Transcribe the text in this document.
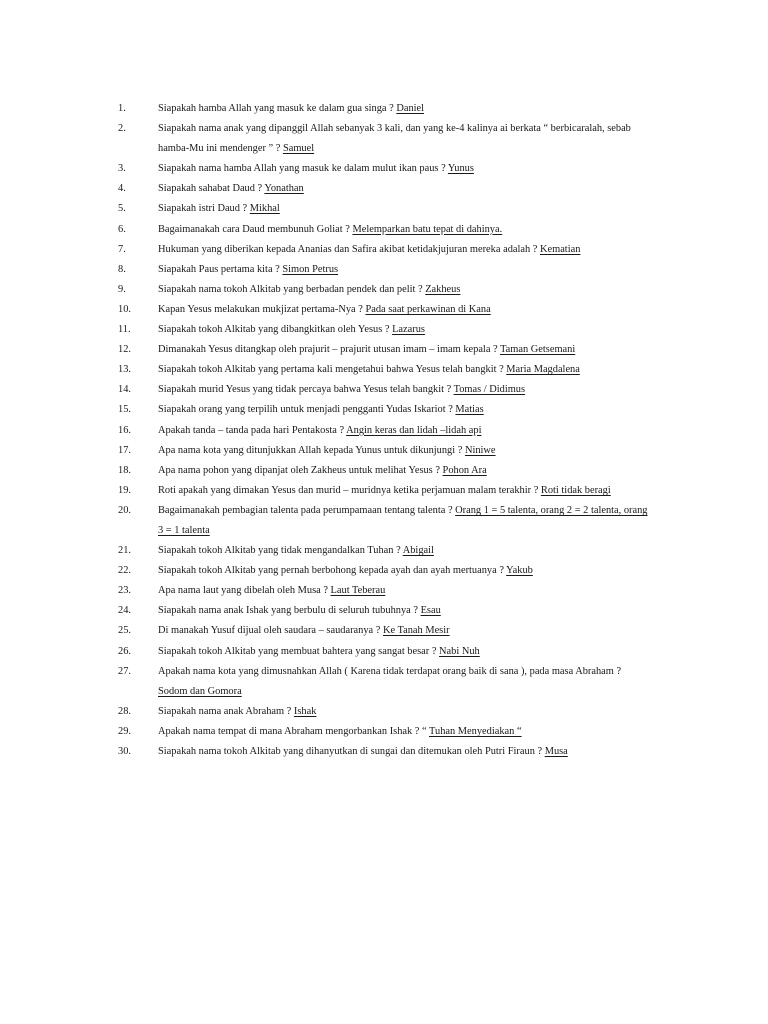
1.	Siapakah hamba Allah yang masuk ke dalam gua singa ? Daniel
2.	Siapakah nama anak yang dipanggil Allah sebanyak 3 kali, dan yang ke-4 kalinya ai berkata “ berbicaralah, sebab hamba-Mu ini mendenger ” ? Samuel
3.	Siapakah nama hamba Allah yang masuk ke dalam mulut ikan paus ? Yunus
4.	Siapakah sahabat Daud ? Yonathan
5.	Siapakah istri Daud ? Mikhal
6.	Bagaimanakah cara Daud membunuh Goliat ? Melemparkan batu tepat di dahinya.
7.	Hukuman yang diberikan kepada Ananias dan Safira akibat ketidakjujuran mereka adalah ? Kematian
8.	Siapakah Paus pertama kita ? Simon Petrus
9.	Siapakah nama tokoh Alkitab yang berbadan pendek dan pelit ? Zakheus
10.	Kapan Yesus melakukan mukjizat pertama-Nya ? Pada saat perkawinan di Kana
11.	Siapakah tokoh Alkitab yang dibangkitkan oleh Yesus ? Lazarus
12.	Dimanakah Yesus ditangkap oleh prajurit – prajurit utusan imam – imam kepala ? Taman Getsemani
13.	Siapakah tokoh Alkitab yang pertama kali mengetahui bahwa Yesus telah bangkit ? Maria Magdalena
14.	Siapakah murid Yesus yang tidak percaya bahwa Yesus telah bangkit ? Tomas / Didimus
15.	Siapakah orang yang terpilih untuk menjadi pengganti Yudas Iskariot ? Matias
16.	Apakah tanda – tanda pada hari Pentakosta ? Angin keras dan lidah –lidah api
17.	Apa nama kota yang ditunjukkan Allah kepada Yunus untuk dikunjungi ? Niniwe
18.	Apa nama pohon yang dipanjat oleh Zakheus untuk melihat Yesus ? Pohon Ara
19.	Roti apakah yang dimakan Yesus dan murid – muridnya ketika perjamuan malam terakhir ? Roti tidak beragi
20.	Bagaimanakah pembagian talenta pada perumpamaan tentang talenta ? Orang 1 = 5 talenta, orang 2 = 2 talenta, orang 3 = 1 talenta
21.	Siapakah tokoh Alkitab yang tidak mengandalkan Tuhan ? Abigail
22.	Siapakah tokoh Alkitab yang pernah berbohong kepada ayah dan ayah mertuanya ? Yakub
23.	Apa nama laut yang dibelah oleh Musa ? Laut Teberau
24.	Siapakah nama anak Ishak yang berbulu di seluruh tubuhnya ? Esau
25.	Di manakah Yusuf dijual oleh saudara – saudaranya ? Ke Tanah Mesir
26.	Siapakah tokoh Alkitab yang membuat bahtera yang sangat besar ? Nabi Nuh
27.	Apakah nama kota yang dimusnahkan Allah ( Karena tidak terdapat orang baik di sana ), pada masa Abraham ? Sodom dan Gomora
28.	Siapakah nama anak Abraham ? Ishak
29.	Apakah nama tempat di mana Abraham mengorbankan Ishak ? “ Tuhan Menyediakan “
30.	Siapakah nama tokoh Alkitab yang dihanyutkan di sungai dan ditemukan oleh Putri Firaun ? Musa
